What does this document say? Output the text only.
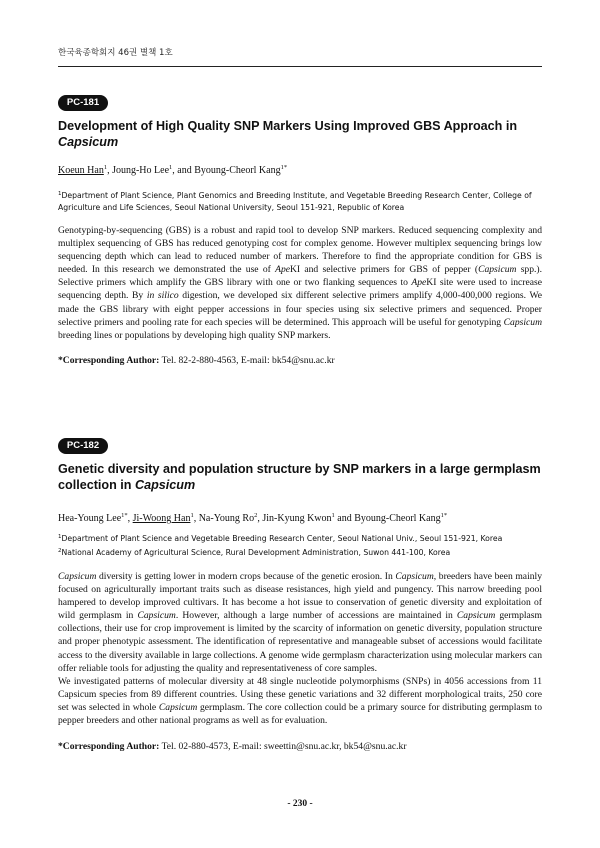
한국육종학회지 46권 별책 1호
PC-181
Development of High Quality SNP Markers Using Improved GBS Approach in Capsicum
Koeun Han$^1$, Joung-Ho Lee$^1$, and Byoung-Cheorl Kang$^{1*}$
$^1$Department of Plant Science, Plant Genomics and Breeding Institute, and Vegetable Breeding Research Center, College of Agriculture and Life Sciences, Seoul National University, Seoul 151-921, Republic of Korea

Genotyping-by-sequencing (GBS) is a robust and rapid tool to develop SNP markers. Reduced sequencing complexity and multiplex sequencing of GBS has reduced genotyping cost for complex genome. However multiplex sequencing brings low sequencing depth which can lead to reduced number of markers. Therefore to find the appropriate condition for GBS is needed. In this research we demonstrated the use of ApeKI and selective primers for GBS of pepper (Capsicum spp.). Selective primers which amplify the GBS library with one or two flanking sequences to ApeKI site were used to increase sequencing depth. By in silico digestion, we developed six different selective primers amplify 4,000-400,000 regions. We made the GBS library with eight pepper accessions in four species using six selective primers and sequenced. Proper selective primers and pooling rate for each species will be determined. This approach will be useful for genotyping Capsicum breeding lines or populations by developing high quality SNP markers.

*Corresponding Author: Tel. 82-2-880-4563, E-mail: bk54@snu.ac.kr
PC-182
Genetic diversity and population structure by SNP markers in a large germplasm collection in Capsicum
Hea-Young Lee$^{1*}$, Ji-Woong Han$^1$, Na-Young Ro$^2$, Jin-Kyung Kwon$^1$ and Byoung-Cheorl Kang$^{1*}$
$^1$Department of Plant Science and Vegetable Breeding Research Center, Seoul National Univ., Seoul 151-921, Korea
$^2$National Academy of Agricultural Science, Rural Development Administration, Suwon 441-100, Korea

Capsicum diversity is getting lower in modern crops because of the genetic erosion. In Capsicum, breeders have been mainly focused on agriculturally important traits such as disease resistances, high yield and pungency. This narrow breeding pool hampered to develop improved cultivars. It has become a hot issue to conservation of genetic diversity and exploitation of wild germplasm in Capsicum. However, although a large number of accessions are maintained in Capsicum germplasm collections, their use for crop improvement is limited by the scarcity of information on genetic diversity, population structure and proper phenotypic assessment. The identification of representative and manageable subset of accessions would facilitate access to the diversity available in large collections. A genome wide germplasm characterization using molecular markers can offer reliable tools for adjusting the quality and representativeness of core samples.
We investigated patterns of molecular diversity at 48 single nucleotide polymorphisms (SNPs) in 4056 accessions from 11 Capsicum species from 89 different countries. Using these genetic variations and 32 different morphological traits, 250 core set was selected in whole Capsicum germplasm. The core collection could be a primary source for distributing germplasm to pepper breeders and other national programs as well as for evaluation.

*Corresponding Author: Tel. 02-880-4573, E-mail: sweettin@snu.ac.kr, bk54@snu.ac.kr
- 230 -
